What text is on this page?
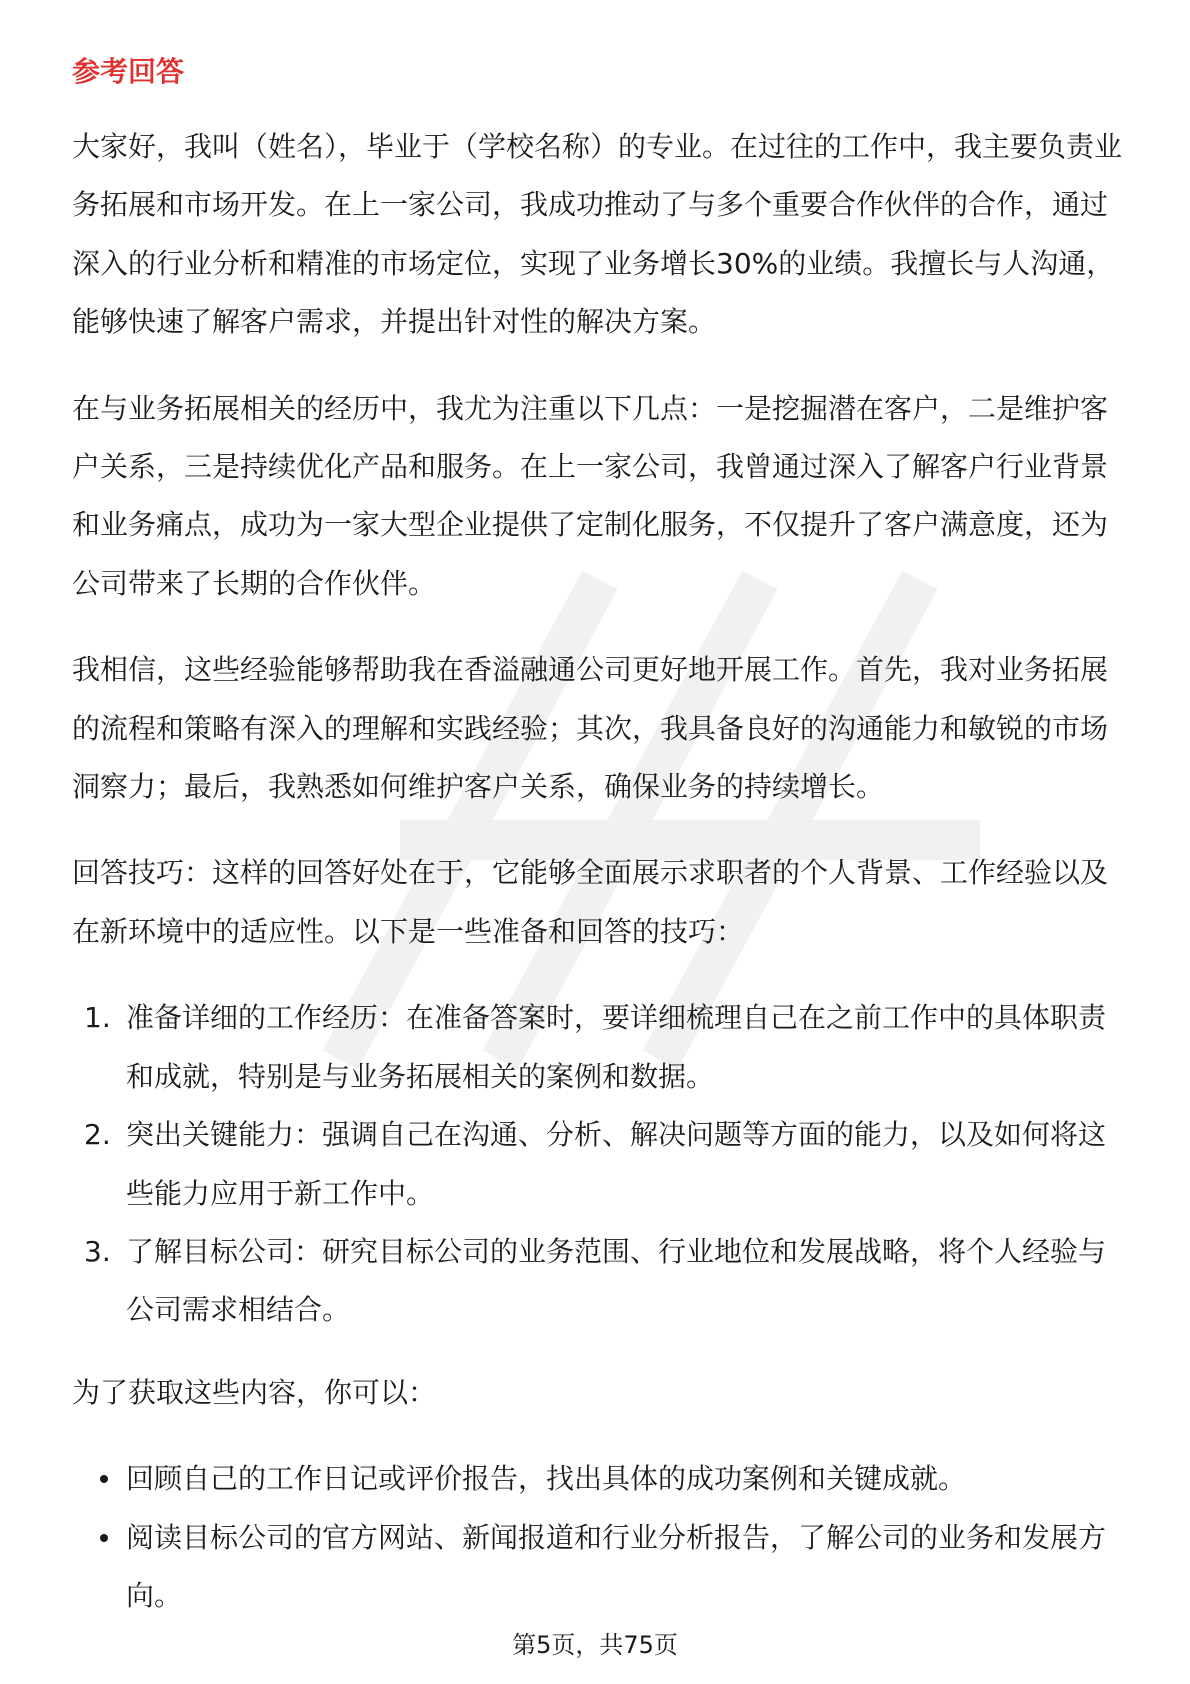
参考回答

大家好，我叫（姓名），毕业于（学校名称）的专业。在过往的工作中，我主要负责业务拓展和市场开发。在上一家公司，我成功推动了与多个重要合作伙伴的合作，通过深入的行业分析和精准的市场定位，实现了业务增长30%的业绩。我擅长与人沟通，能够快速了解客户需求，并提出针对性的解决方案。

在与业务拓展相关的经历中，我尤为注重以下几点：一是挖掘潜在客户，二是维护客户关系，三是持续优化产品和服务。在上一家公司，我曾通过深入了解客户行业背景和业务痛点，成功为一家大型企业提供了定制化服务，不仅提升了客户满意度，还为公司带来了长期的合作伙伴。

我相信，这些经验能够帮助我在香溢融通公司更好地开展工作。首先，我对业务拓展的流程和策略有深入的理解和实践经验；其次，我具备良好的沟通能力和敏锐的市场洞察力；最后，我熟悉如何维护客户关系，确保业务的持续增长。

回答技巧：这样的回答好处在于，它能够全面展示求职者的个人背景、工作经验以及在新环境中的适应性。以下是一些准备和回答的技巧：

1. 准备详细的工作经历：在准备答案时，要详细梳理自己在之前工作中的具体职责和成就，特别是与业务拓展相关的案例和数据。
2. 突出关键能力：强调自己在沟通、分析、解决问题等方面的能力，以及如何将这些能力应用于新工作中。
3. 了解目标公司：研究目标公司的业务范围、行业地位和发展战略，将个人经验与公司需求相结合。

为了获取这些内容，你可以：

回顾自己的工作日记或评价报告，找出具体的成功案例和关键成就。
阅读目标公司的官方网站、新闻报道和行业分析报告，了解公司的业务和发展方向。
第5页，共75页
